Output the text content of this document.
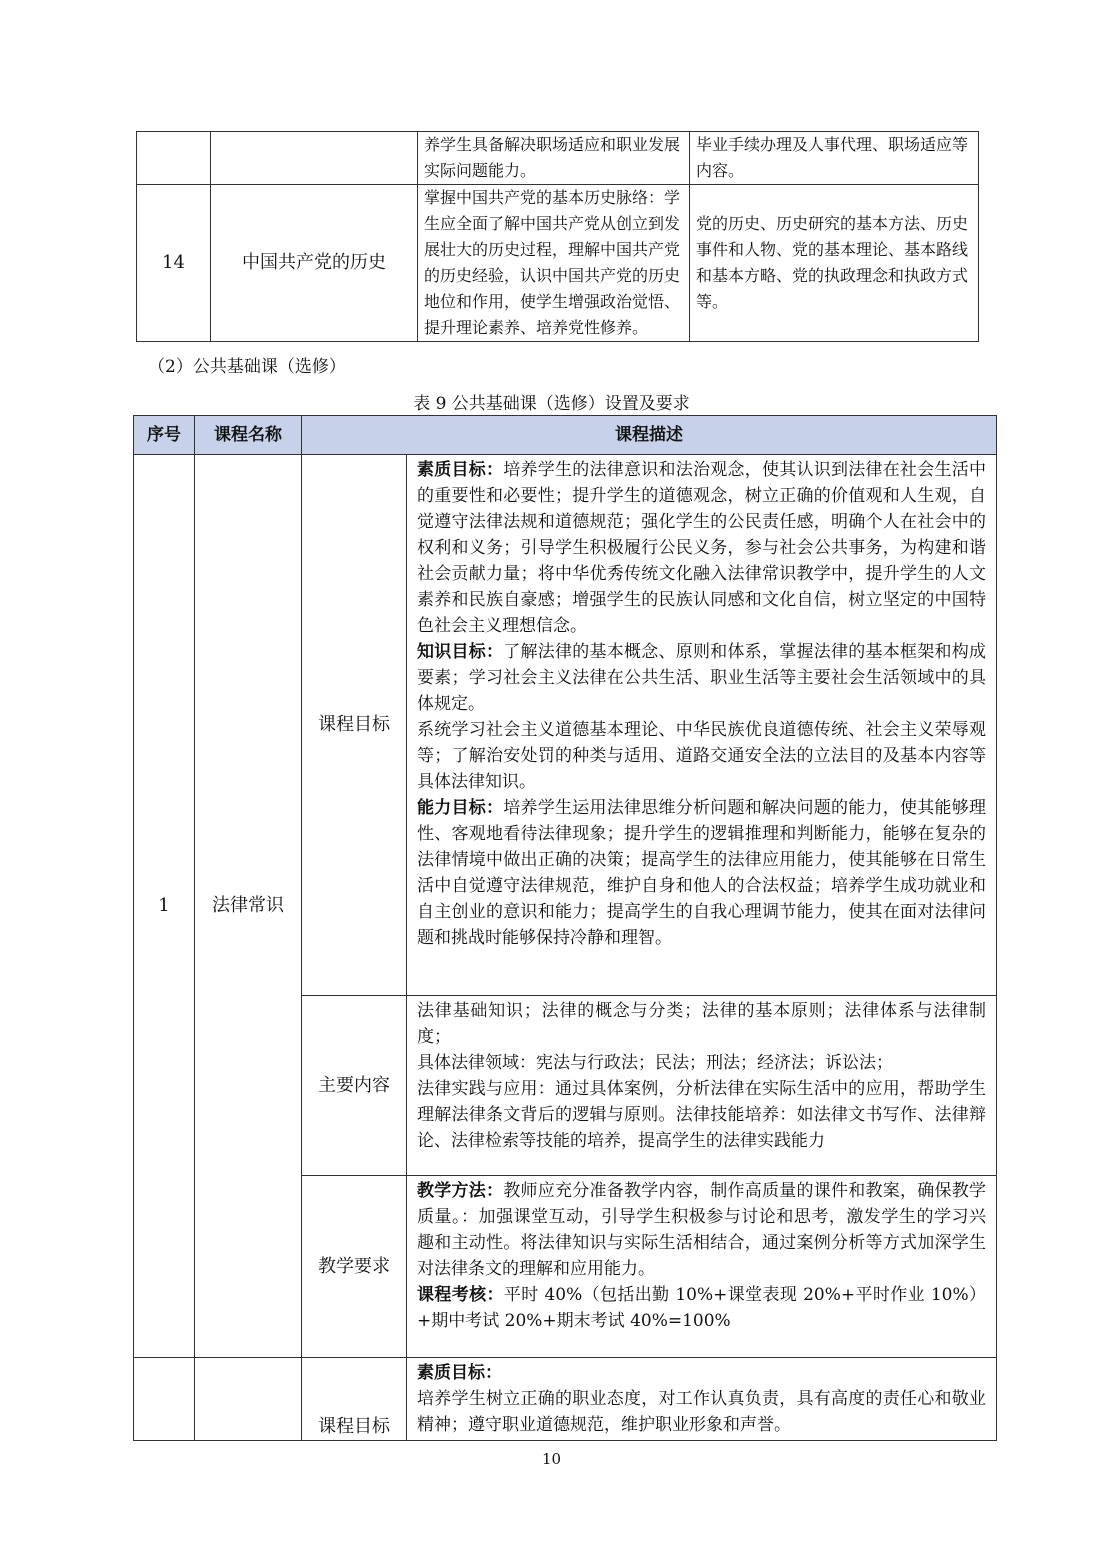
		养学生具备解决职场适应和职业发展实际问题能力。	毕业手续办理及人事代理、职场适应等内容。
14	中国共产党的历史	掌握中国共产党的基本历史脉络：学生应全面了解中国共产党从创立到发展壮大的历史过程，理解中国共产党的历史经验，认识中国共产党的历史地位和作用，使学生增强政治觉悟、提升理论素养、培养党性修养。	党的历史、历史研究的基本方法、历史事件和人物、党的基本理论、基本路线和基本方略、党的执政理念和执政方式等。
（2）公共基础课（选修）
表 9 公共基础课（选修）设置及要求
序号	课程名称	课程描述	
1	法律常识	课程目标	素质目标：培养学生的法律意识和法治观念，使其认识到法律在社会生活中的重要性和必要性；提升学生的道德观念，树立正确的价值观和人生观，自觉遵守法律法规和道德规范；强化学生的公民责任感，明确个人在社会中的权利和义务；引导学生积极履行公民义务，参与社会公共事务，为构建和谐社会贡献力量；将中华优秀传统文化融入法律常识教学中，提升学生的人文素养和民族自豪感；增强学生的民族认同感和文化自信，树立坚定的中国特色社会主义理想信念。

知识目标：了解法律的基本概念、原则和体系，掌握法律的基本框架和构成要素；学习社会主义法律在公共生活、职业生活等主要社会生活领域中的具体规定。

系统学习社会主义道德基本理论、中华民族优良道德传统、社会主义荣辱观等；了解治安处罚的种类与适用、道路交通安全法的立法目的及基本内容等具体法律知识。

能力目标：培养学生运用法律思维分析问题和解决问题的能力，使其能够理性、客观地看待法律现象；提升学生的逻辑推理和判断能力，能够在复杂的法律情境中做出正确的决策；提高学生的法律应用能力，使其能够在日常生活中自觉遵守法律规范，维护自身和他人的合法权益；培养学生成功就业和自主创业的意识和能力；提高学生的自我心理调节能力，使其在面对法律问题和挑战时能够保持冷静和理智。

		主要内容	法律基础知识；法律的概念与分类；法律的基本原则；法律体系与法律制度；

具体法律领域：宪法与行政法；民法；刑法；经济法；诉讼法；

法律实践与应用：通过具体案例，分析法律在实际生活中的应用，帮助学生理解法律条文背后的逻辑与原则。法律技能培养：如法律文书写作、法律辩论、法律检索等技能的培养，提高学生的法律实践能力

		教学要求	教学方法：教师应充分准备教学内容，制作高质量的课件和教案，确保教学质量。：加强课堂互动，引导学生积极参与讨论和思考，激发学生的学习兴趣和主动性。将法律知识与实际生活相结合，通过案例分析等方式加深学生对法律条文的理解和应用能力。

课程考核：平时 40%（包括出勤 10%+课堂表现 20%+平时作业 10%）+期中考试 20%+期末考试 40%=100%

		课程目标	素质目标：

培养学生树立正确的职业态度，对工作认真负责，具有高度的责任心和敬业精神；遵守职业道德规范，维护职业形象和声誉。

10
